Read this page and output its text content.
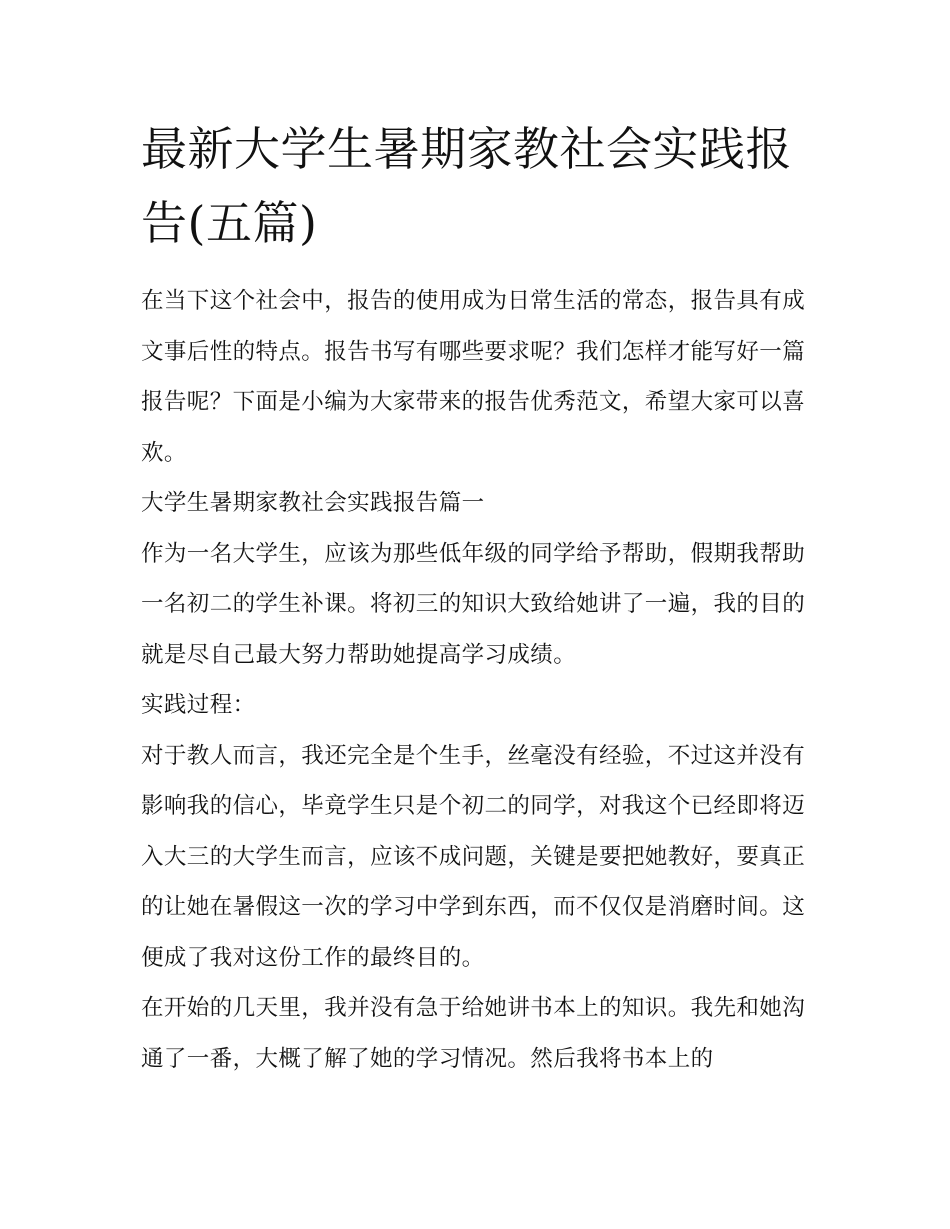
最新大学生暑期家教社会实践报告(五篇)

在当下这个社会中，报告的使用成为日常生活的常态，报告具有成文事后性的特点。报告书写有哪些要求呢？我们怎样才能写好一篇报告呢？下面是小编为大家带来的报告优秀范文，希望大家可以喜欢。

大学生暑期家教社会实践报告篇一

作为一名大学生，应该为那些低年级的同学给予帮助，假期我帮助一名初二的学生补课。将初三的知识大致给她讲了一遍，我的目的就是尽自己最大努力帮助她提高学习成绩。

实践过程：

对于教人而言，我还完全是个生手，丝毫没有经验，不过这并没有影响我的信心，毕竟学生只是个初二的同学，对我这个已经即将迈入大三的大学生而言，应该不成问题，关键是要把她教好，要真正的让她在暑假这一次的学习中学到东西，而不仅仅是消磨时间。这便成了我对这份工作的最终目的。

在开始的几天里，我并没有急于给她讲书本上的知识。我先和她沟通了一番，大概了解了她的学习情况。然后我将书本上的
